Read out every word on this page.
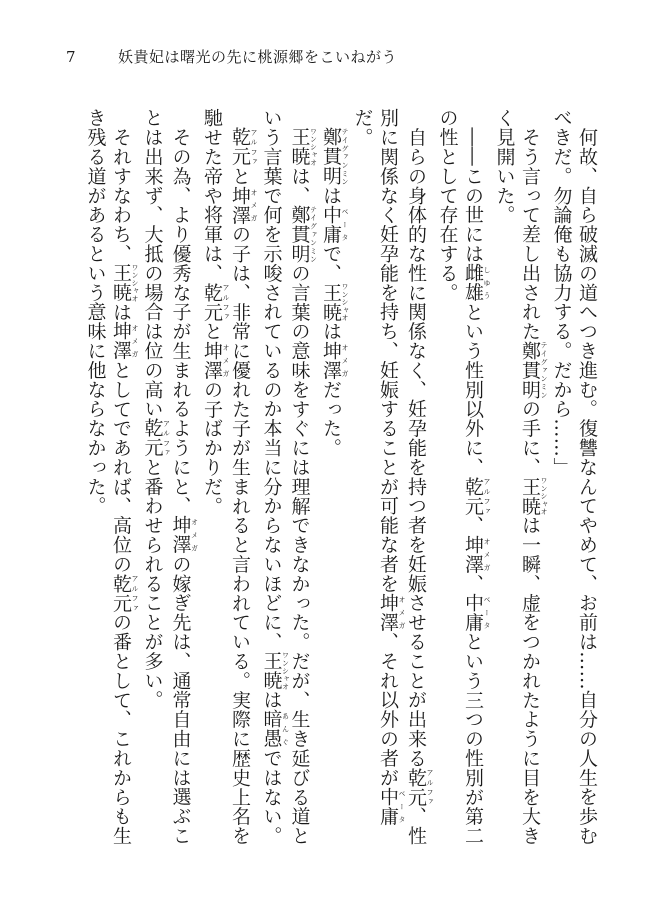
7	妖貴妃は曙光の先に桃源郷をこいねがう

　何故、自ら破滅の道へつき進む。復讐なんてやめて、お前は……自分の人生を歩むべきだ。勿論俺も協力する。だから……」

　そう言って差し出された鄭貫明 テイグァンミンの手に、王暁 ワンシャオは一瞬、虚をつかれたように目を大きく見開いた。

　――この世には雌雄 しゆうという性別以外に、乾元 アルファ、坤澤 オメガ、中庸 ベータという三つの性別が第二の性として存在する。

　自らの身体的な性に関係なく、妊孕能を持つ者を妊娠させることが出来る乾元 アルファ、性別に関係なく妊孕能を持ち、妊娠することが可能な者を坤澤 オメガ、それ以外の者が中庸 ベータだ。

　鄭貫明 テイグァンミンは中庸 ベータで、王暁 ワンシャオは坤澤 オメガだった。

　王暁 ワンシャオは、鄭貫明 テイグァンミンの言葉の意味をすぐには理解できなかった。だが、生き延びる道という言葉で何を示唆されているのか本当に分からないほどに、王暁 ワンシャオは暗愚 あんぐではない。

　乾元 アルファと坤澤 オメガの子は、非常に優れた子が生まれると言われている。実際に歴史上名を馳せた帝や将軍は、乾元 アルファと坤澤 オメガの子ばかりだ。

　その為、より優秀な子が生まれるようにと、坤澤 オメガの嫁ぎ先は、通常自由には選ぶことは出来ず、大抵の場合は位の高い乾元 アルファと番わせられることが多い。

　それすなわち、王暁 ワンシャオは坤澤 オメガとしてであれば、高位の乾元 アルファの番として、これからも生き残る道があるという意味に他ならなかった。
